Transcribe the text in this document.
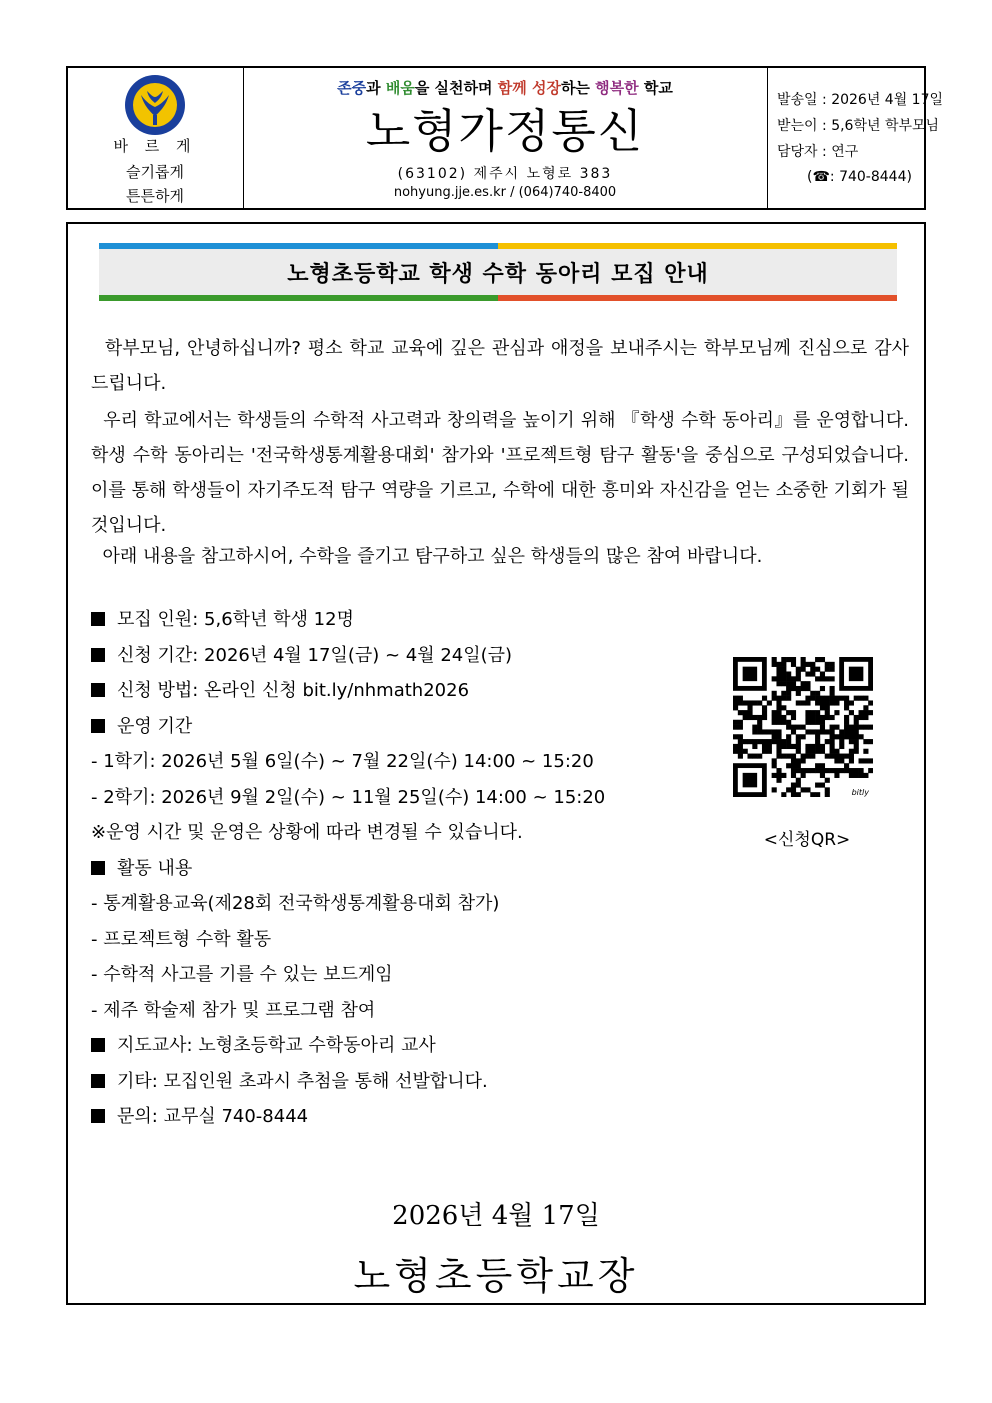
바 르 게
슬기롭게
튼튼하게
존중과 배움을 실천하며 함께 성장하는 행복한 학교
노형가정통신
(63102) 제주시 노형로 383
nohyung.jje.es.kr / (064)740-8400
발송일 : 2026년 4월 17일
받는이 : 5,6학년 학부모님
담당자 : 연구
(☎: 740-8444)
노형초등학교 학생 수학 동아리 모집 안내
학부모님, 안녕하십니까? 평소 학교 교육에 깊은 관심과 애정을 보내주시는 학부모님께 진심으로 감사드립니다.
우리 학교에서는 학생들의 수학적 사고력과 창의력을 높이기 위해 『학생 수학 동아리』를 운영합니다. 학생 수학 동아리는 '전국학생통계활용대회' 참가와 '프로젝트형 탐구 활동'을 중심으로 구성되었습니다. 이를 통해 학생들이 자기주도적 탐구 역량을 기르고, 수학에 대한 흥미와 자신감을 얻는 소중한 기회가 될 것입니다.
아래 내용을 참고하시어, 수학을 즐기고 탐구하고 싶은 학생들의 많은 참여 바랍니다.
모집 인원: 5,6학년 학생 12명
신청 기간: 2026년 4월 17일(금) ~ 4월 24일(금)
신청 방법: 온라인 신청 bit.ly/nhmath2026
운영 기간
- 1학기: 2026년 5월 6일(수) ~ 7월 22일(수) 14:00 ~ 15:20
- 2학기: 2026년 9월 2일(수) ~ 11월 25일(수) 14:00 ~ 15:20
※운영 시간 및 운영은 상황에 따라 변경될 수 있습니다.
활동 내용
- 통계활용교육(제28회 전국학생통계활용대회 참가)
- 프로젝트형 수학 활동
- 수학적 사고를 기를 수 있는 보드게임
- 제주 학술제 참가 및 프로그램 참여
지도교사: 노형초등학교 수학동아리 교사
기타: 모집인원 초과시 추첨을 통해 선발합니다.
문의: 교무실 740-8444
bitly
<신청QR>
2026년 4월 17일
노형초등학교장
